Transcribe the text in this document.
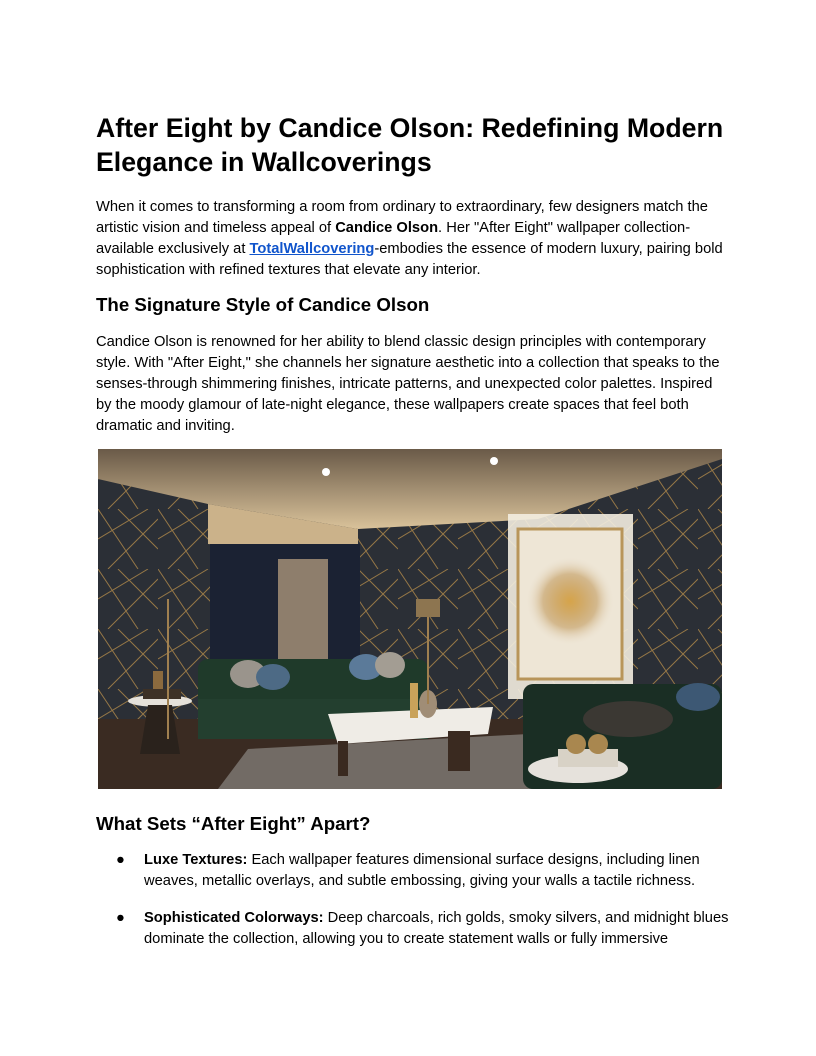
After Eight by Candice Olson: Redefining Modern Elegance in Wallcoverings

When it comes to transforming a room from ordinary to extraordinary, few designers match the artistic vision and timeless appeal of Candice Olson. Her "After Eight" wallpaper collection-available exclusively at TotalWallcovering-embodies the essence of modern luxury, pairing bold sophistication with refined textures that elevate any interior.

The Signature Style of Candice Olson

Candice Olson is renowned for her ability to blend classic design principles with contemporary style. With "After Eight," she channels her signature aesthetic into a collection that speaks to the senses-through shimmering finishes, intricate patterns, and unexpected color palettes. Inspired by the moody glamour of late-night elegance, these wallpapers create spaces that feel both dramatic and inviting.

What Sets “After Eight” Apart?
● Luxe Textures: Each wallpaper features dimensional surface designs, including linen weaves, metallic overlays, and subtle embossing, giving your walls a tactile richness.
● Sophisticated Colorways: Deep charcoals, rich golds, smoky silvers, and midnight blues dominate the collection, allowing you to create statement walls or fully immersive
